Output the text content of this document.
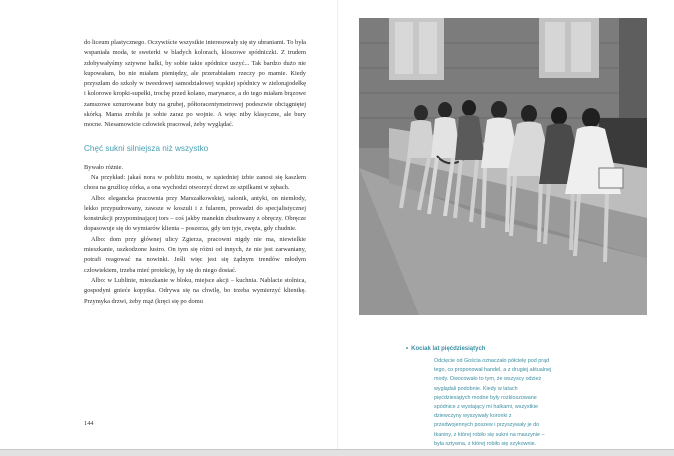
do liceum plastycznego. Oczywiście wszystkie interesowały się sty ubraniami. To była wspaniała moda, te sweterki w bladych kolorach, kloszowe spódniczki. Z trudem zdobywałyśmy sztywne halki, by sobie takie spódnice uszyć... Tak bardzo dużo nie kupowałam, bo nie miałam pieniędzy, ale przerabiałam rzeczy po mamie. Kiedy przyszłam do szkoły w tweedowej samodziałowej wąskiej spódnicy w zielonąjodełkę i kolorowe kropki-supełki, trochę przed kolano, marynarce, a do tego miałam brązowe zamszowe sznurowane buty na grubej, półtoracentymetrowej podeszwie obciągniętej skórką. Mama zrobiła je sobie zaraz po wojnie. A więc niby klasyczne, ale bury mocne. Niesamowicie człowiek pracował, żeby wyglądać.

Chęć sukni silniejsza niż wszystko

Bywało różnie.

Na przykład: jakaś nora w pobliżu mostu, w sąsiedniej izbie zanosi się kaszlem chora na gruźlicę córka, a ona wychodzi otworzyć drzwi ze szpilkami w zębach.

Albo: elegancka pracownia przy Marszałkowskiej, salonik, antyki, on niemłody, lekko przypudrowany, zawsze w koszuli i z fularem, prowadzi do specjalistycznej konstrukcji przypominającej tors – coś jakby manekin zbudowany z obręczy. Obręcze dopasowuje się do wymiarów klienta – poszerza, gdy ten tyje, zwęża, gdy chudnie.

Albo: dom przy głównej ulicy Zgierza, pracowni nigdy nie ma, niewielkie mieszkanie, uszkodzone lustro. On tym się różni od innych, że nie jest zarwaniany, potrafi reagować na nowinki. Jeśli więc jest się żądnym trendów młodym człowiekiem, trzeba mieć protekcję, by się do niego dostać.

Albo: w Lublinie, mieszkanie w bloku, miejsce akcji – kuchnia. Nablacie stolnica, gospodyni gnieće kopytka. Odrywa się na chwilę, bo trzeba wymierzyć klientkę. Przymyka drzwi, żeby mąż (kręci się po domu

144
• Kociak lat pięćdziesiątych

Odcięcie od Gościa oznaczało półcielę pod prąd tego, co proponował handel, a z drugiej aktualnej mody. Owocowało to tym, że wszyscy odzież wyglądali podobnie. Kiedy w latach pięćdziesiątych modne były rozkloszowane spódnice z wystający mi halkami, wszystkie dziewczyny wyszywały koronki z przedwojennych poszew i przyszywały je do tkaniny, z której robiło się sukni na maszynie – była sztywna, z której robiło się szykownie.
